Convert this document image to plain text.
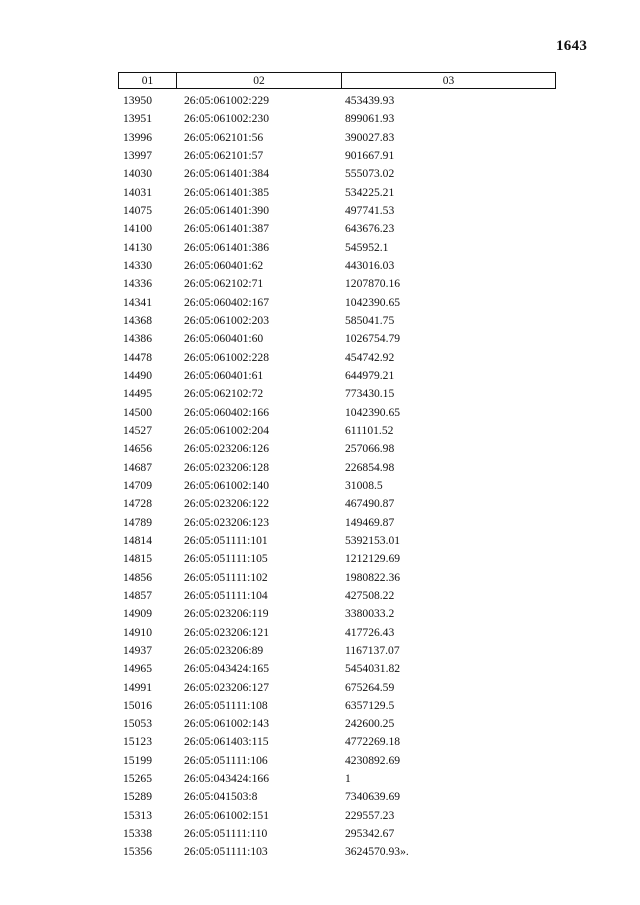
1643
01	02	03
13950	26:05:061002:229	453439.93
13951	26:05:061002:230	899061.93
13996	26:05:062101:56	390027.83
13997	26:05:062101:57	901667.91
14030	26:05:061401:384	555073.02
14031	26:05:061401:385	534225.21
14075	26:05:061401:390	497741.53
14100	26:05:061401:387	643676.23
14130	26:05:061401:386	545952.1
14330	26:05:060401:62	443016.03
14336	26:05:062102:71	1207870.16
14341	26:05:060402:167	1042390.65
14368	26:05:061002:203	585041.75
14386	26:05:060401:60	1026754.79
14478	26:05:061002:228	454742.92
14490	26:05:060401:61	644979.21
14495	26:05:062102:72	773430.15
14500	26:05:060402:166	1042390.65
14527	26:05:061002:204	611101.52
14656	26:05:023206:126	257066.98
14687	26:05:023206:128	226854.98
14709	26:05:061002:140	31008.5
14728	26:05:023206:122	467490.87
14789	26:05:023206:123	149469.87
14814	26:05:051111:101	5392153.01
14815	26:05:051111:105	1212129.69
14856	26:05:051111:102	1980822.36
14857	26:05:051111:104	427508.22
14909	26:05:023206:119	3380033.2
14910	26:05:023206:121	417726.43
14937	26:05:023206:89	1167137.07
14965	26:05:043424:165	5454031.82
14991	26:05:023206:127	675264.59
15016	26:05:051111:108	6357129.5
15053	26:05:061002:143	242600.25
15123	26:05:061403:115	4772269.18
15199	26:05:051111:106	4230892.69
15265	26:05:043424:166	1
15289	26:05:041503:8	7340639.69
15313	26:05:061002:151	229557.23
15338	26:05:051111:110	295342.67
15356	26:05:051111:103	3624570.93».
